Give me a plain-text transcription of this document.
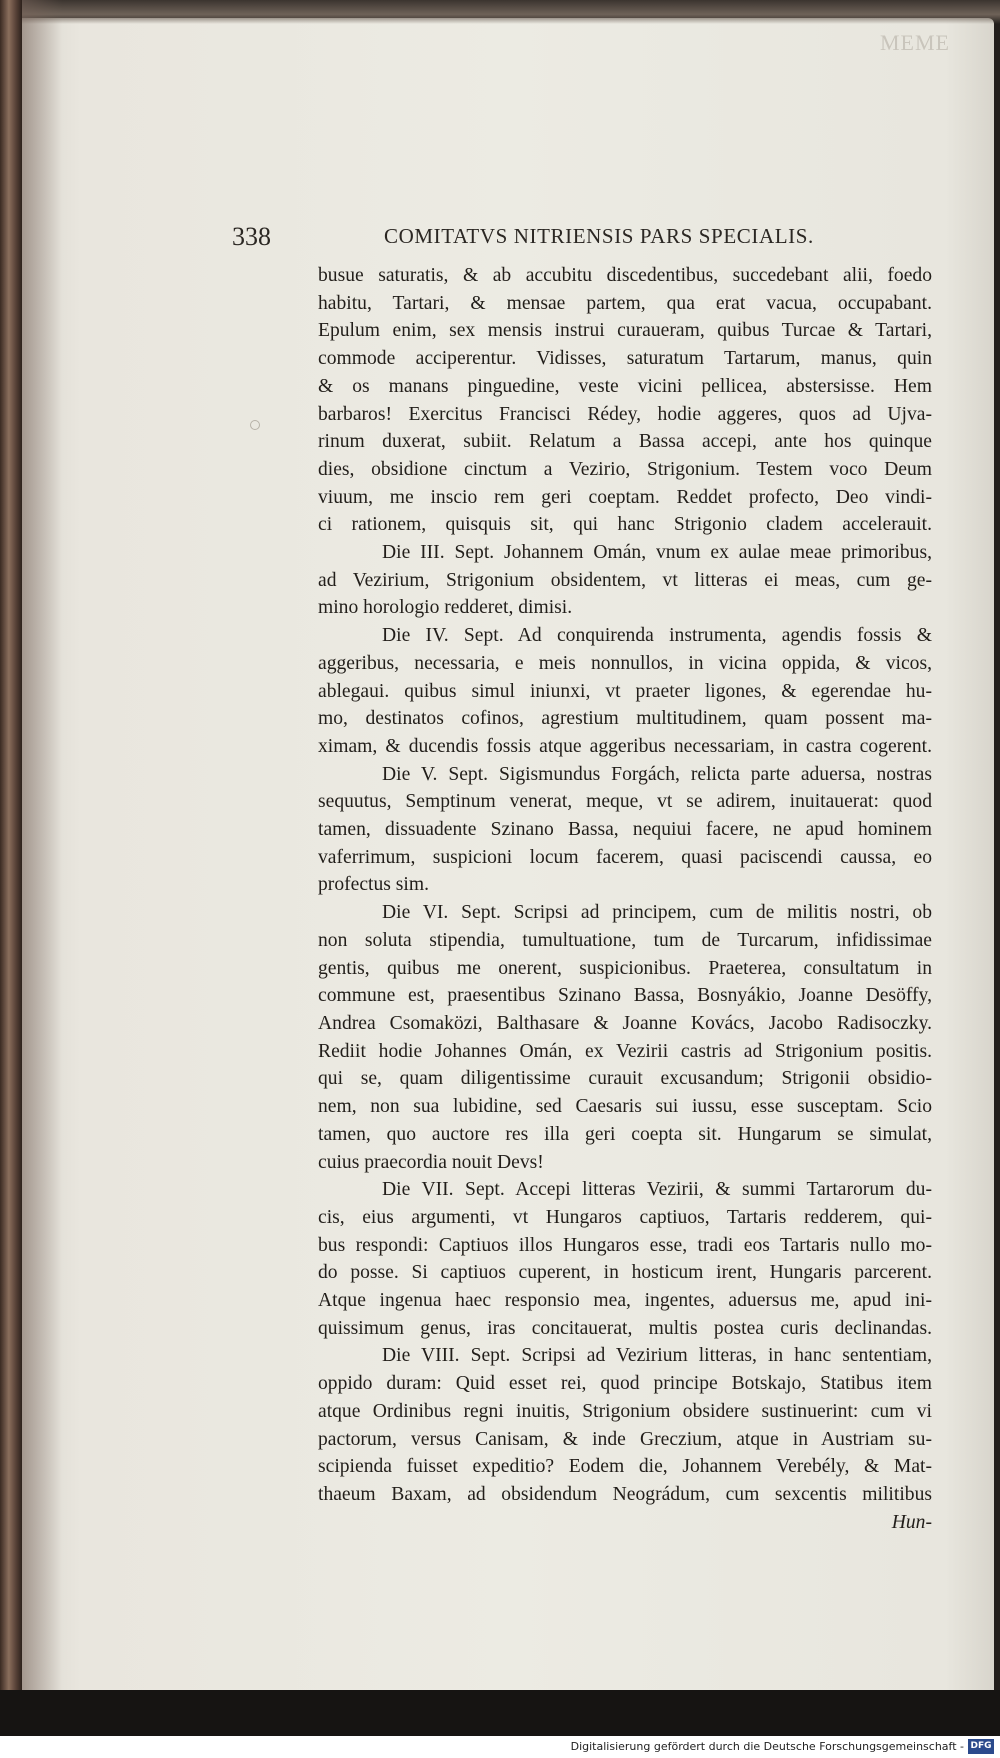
MEME
338	COMITATVS NITRIENSIS PARS SPECIALIS.
busue saturatis, & ab accubitu discedentibus, succedebant alii, foedo
habitu, Tartari, & mensae partem, qua erat vacua, occupabant.
Epulum enim, sex mensis instrui curaueram, quibus Turcae & Tartari,
commode acciperentur. Vidisses, saturatum Tartarum, manus, quin
& os manans pinguedine, veste vicini pellicea, abstersisse. Hem
barbaros! Exercitus Francisci Rédey, hodie aggeres, quos ad Ujva-
rinum duxerat, subiit. Relatum a Bassa accepi, ante hos quinque
dies, obsidione cinctum a Vezirio, Strigonium. Testem voco Deum
viuum, me inscio rem geri coeptam. Reddet profecto, Deo vindi-
ci rationem, quisquis sit, qui hanc Strigonio cladem accelerauit.
Die III. Sept. Johannem Omán, vnum ex aulae meae primoribus,
ad Vezirium, Strigonium obsidentem, vt litteras ei meas, cum ge-
mino horologio redderet, dimisi.
Die IV. Sept. Ad conquirenda instrumenta, agendis fossis &
aggeribus, necessaria, e meis nonnullos, in vicina oppida, & vicos,
ablegaui. quibus simul iniunxi, vt praeter ligones, & egerendae hu-
mo, destinatos cofinos, agrestium multitudinem, quam possent ma-
ximam, & ducendis fossis atque aggeribus necessariam, in castra cogerent.
Die V. Sept. Sigismundus Forgách, relicta parte aduersa, nostras
sequutus, Semptinum venerat, meque, vt se adirem, inuitauerat: quod
tamen, dissuadente Szinano Bassa, nequiui facere, ne apud hominem
vaferrimum, suspicioni locum facerem, quasi paciscendi caussa, eo
profectus sim.
Die VI. Sept. Scripsi ad principem, cum de militis nostri, ob
non soluta stipendia, tumultuatione, tum de Turcarum, infidissimae
gentis, quibus me onerent, suspicionibus. Praeterea, consultatum in
commune est, praesentibus Szinano Bassa, Bosnyákio, Joanne Desöffy,
Andrea Csomaközi, Balthasare & Joanne Kovács, Jacobo Radisoczky.
Rediit hodie Johannes Omán, ex Vezirii castris ad Strigonium positis.
qui se, quam diligentissime curauit excusandum; Strigonii obsidio-
nem, non sua lubidine, sed Caesaris sui iussu, esse susceptam. Scio
tamen, quo auctore res illa geri coepta sit. Hungarum se simulat,
cuius praecordia nouit Devs!
Die VII. Sept. Accepi litteras Vezirii, & summi Tartarorum du-
cis, eius argumenti, vt Hungaros captiuos, Tartaris redderem, qui-
bus respondi: Captiuos illos Hungaros esse, tradi eos Tartaris nullo mo-
do posse. Si captiuos cuperent, in hosticum irent, Hungaris parcerent.
Atque ingenua haec responsio mea, ingentes, aduersus me, apud ini-
quissimum genus, iras concitauerat, multis postea curis declinandas.
Die VIII. Sept. Scripsi ad Vezirium litteras, in hanc sententiam,
oppido duram: Quid esset rei, quod principe Botskajo, Statibus item
atque Ordinibus regni inuitis, Strigonium obsidere sustinuerint: cum vi
pactorum, versus Canisam, & inde Greczium, atque in Austriam su-
scipienda fuisset expeditio? Eodem die, Johannem Verebély, & Mat-
thaeum Baxam, ad obsidendum Neográdum, cum sexcentis militibus
Hun-
Digitalisierung gefördert durch die Deutsche Forschungsgemeinschaft - DFG
